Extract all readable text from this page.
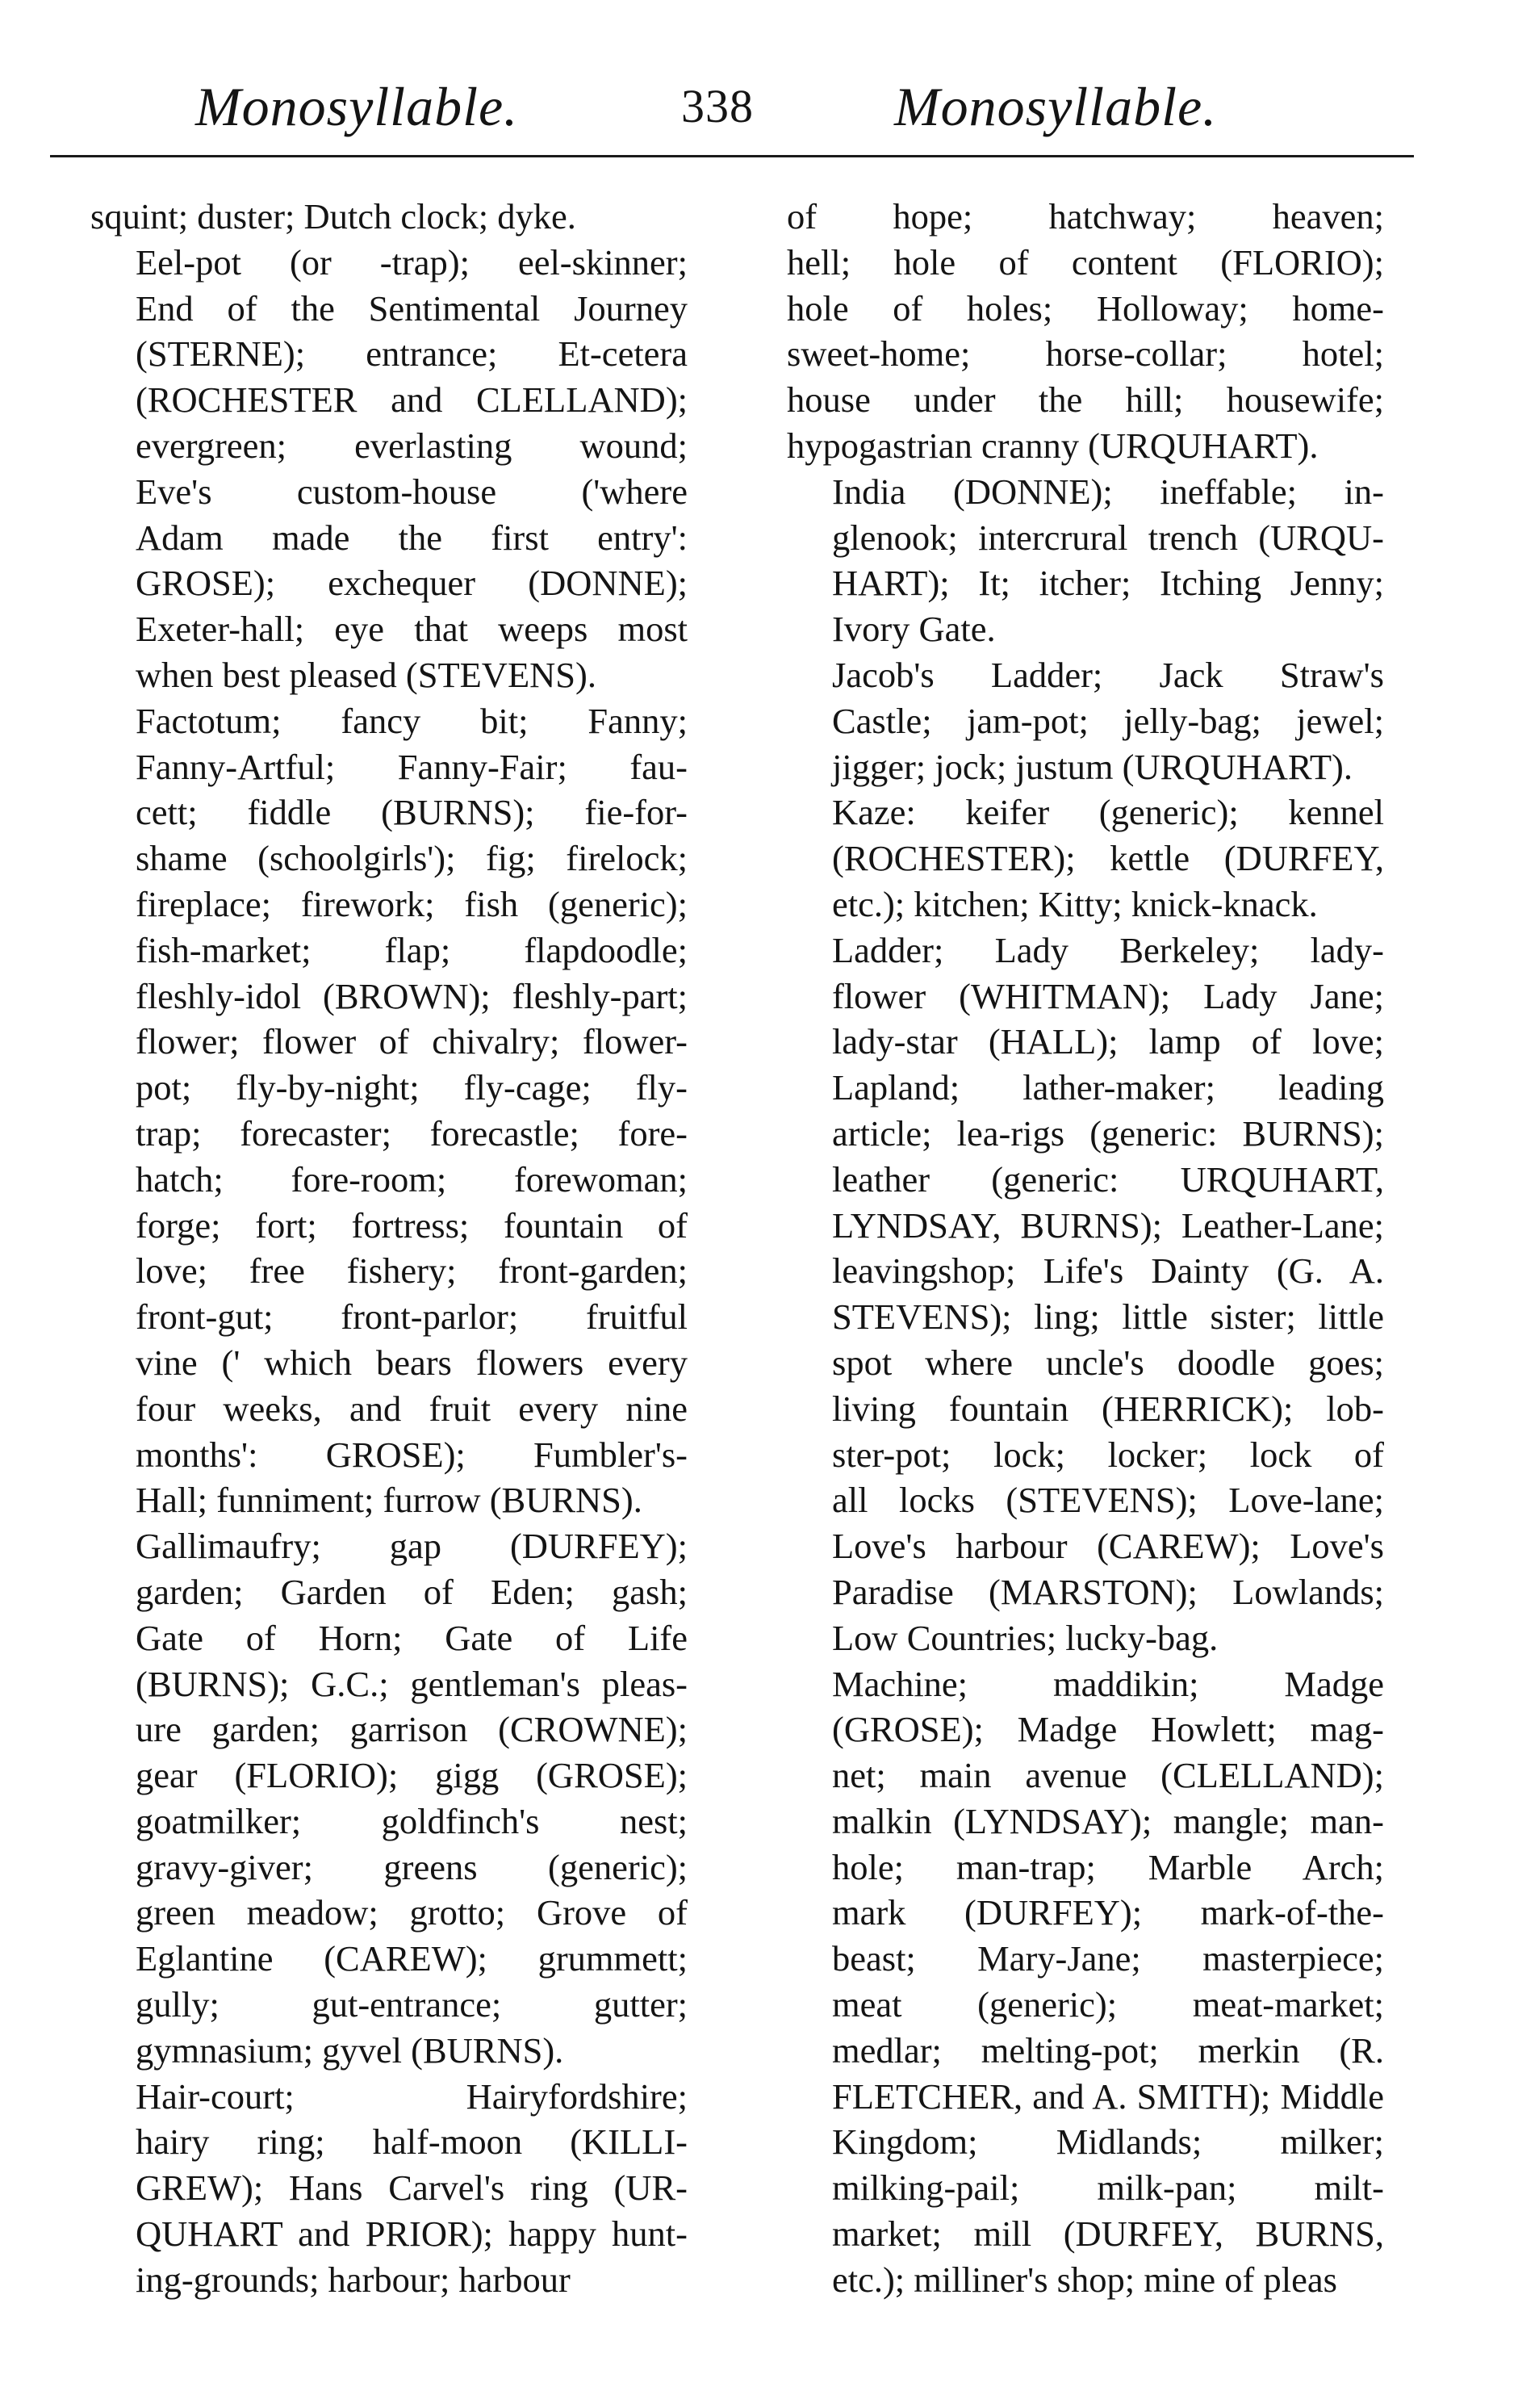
Monosyllable.	338	Monosyllable.
squint; duster; Dutch clock; dyke.
Eel-pot (or -trap); eel-skinner;
End of the Sentimental Journey
(STERNE); entrance; Et-cetera
(ROCHESTER and CLELLAND);
evergreen; everlasting wound;
Eve's custom-house ('where
Adam made the first entry':
GROSE); exchequer (DONNE);
Exeter-hall; eye that weeps most
when best pleased (STEVENS).
Factotum; fancy bit; Fanny;
Fanny-Artful; Fanny-Fair; fau-
cett; fiddle (BURNS); fie-for-
shame (schoolgirls'); fig; firelock;
fireplace; firework; fish (generic);
fish-market; flap; flapdoodle;
fleshly-idol (BROWN); fleshly-part;
flower; flower of chivalry; flower-
pot; fly-by-night; fly-cage; fly-
trap; forecaster; forecastle; fore-
hatch; fore-room; forewoman;
forge; fort; fortress; fountain of
love; free fishery; front-garden;
front-gut; front-parlor; fruitful
vine (' which bears flowers every
four weeks, and fruit every nine
months': GROSE); Fumbler's-
Hall; funniment; furrow (BURNS).
Gallimaufry; gap (DURFEY);
garden; Garden of Eden; gash;
Gate of Horn; Gate of Life
(BURNS); G.C.; gentleman's pleas-
ure garden; garrison (CROWNE);
gear (FLORIO); gigg (GROSE);
goatmilker; goldfinch's nest;
gravy-giver; greens (generic);
green meadow; grotto; Grove of
Eglantine (CAREW); grummett;
gully; gut-entrance; gutter;
gymnasium; gyvel (BURNS).
Hair-court; Hairyfordshire;
hairy ring; half-moon (KILLI-
GREW); Hans Carvel's ring (UR-
QUHART and PRIOR); happy hunt-
ing-grounds; harbour; harbour
of hope; hatchway; heaven;
hell; hole of content (FLORIO);
hole of holes; Holloway; home-
sweet-home; horse-collar; hotel;
house under the hill; housewife;
hypogastrian cranny (URQUHART).
India (DONNE); ineffable; in-
glenook; intercrural trench (URQU-
HART); It; itcher; Itching Jenny;
Ivory Gate.
Jacob's Ladder; Jack Straw's
Castle; jam-pot; jelly-bag; jewel;
jigger; jock; justum (URQUHART).
Kaze: keifer (generic); kennel
(ROCHESTER); kettle (DURFEY,
etc.); kitchen; Kitty; knick-knack.
Ladder; Lady Berkeley; lady-
flower (WHITMAN); Lady Jane;
lady-star (HALL); lamp of love;
Lapland; lather-maker; leading
article; lea-rigs (generic: BURNS);
leather (generic: URQUHART,
LYNDSAY, BURNS); Leather-Lane;
leavingshop; Life's Dainty (G. A.
STEVENS); ling; little sister; little
spot where uncle's doodle goes;
living fountain (HERRICK); lob-
ster-pot; lock; locker; lock of
all locks (STEVENS); Love-lane;
Love's harbour (CAREW); Love's
Paradise (MARSTON); Lowlands;
Low Countries; lucky-bag.
Machine; maddikin; Madge
(GROSE); Madge Howlett; mag-
net; main avenue (CLELLAND);
malkin (LYNDSAY); mangle; man-
hole; man-trap; Marble Arch;
mark (DURFEY); mark-of-the-
beast; Mary-Jane; masterpiece;
meat (generic); meat-market;
medlar; melting-pot; merkin (R.
FLETCHER, and A. SMITH); Middle
Kingdom; Midlands; milker;
milking-pail; milk-pan; milt-
market; mill (DURFEY, BURNS,
etc.); milliner's shop; mine of pleas
